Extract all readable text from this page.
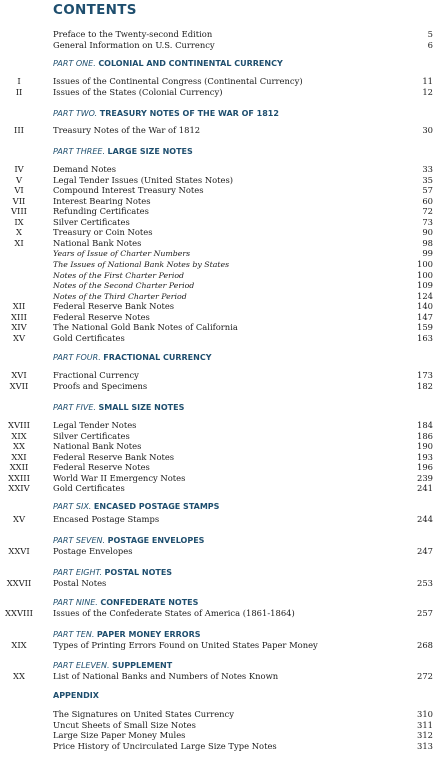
CONTENTS
Preface to the Twenty-second Edition	5
General Information on U.S. Currency	6
PART ONE. COLONIAL AND CONTINENTAL CURRENCY
I	Issues of the Continental Congress (Continental Currency)	11
II	Issues of the States (Colonial Currency)	12
PART TWO. TREASURY NOTES OF THE WAR OF 1812
III	Treasury Notes of the War of 1812	30
PART THREE. LARGE SIZE NOTES
IV	Demand Notes	33
V	Legal Tender Issues (United States Notes)	35
VI	Compound Interest Treasury Notes	57
VII	Interest Bearing Notes	60
VIII	Refunding Certificates	72
IX	Silver Certificates	73
X	Treasury or Coin Notes	90
XI	National Bank Notes	98
Years of Issue of Charter Numbers	99
The Issues of National Bank Notes by States	100
Notes of the First Charter Period	100
Notes of the Second Charter Period	109
Notes of the Third Charter Period	124
XII	Federal Reserve Bank Notes	140
XIII	Federal Reserve Notes	147
XIV	The National Gold Bank Notes of California	159
XV	Gold Certificates	163
PART FOUR. FRACTIONAL CURRENCY
XVI	Fractional Currency	173
XVII	Proofs and Specimens	182
PART FIVE. SMALL SIZE NOTES
XVIII	Legal Tender Notes	184
XIX	Silver Certificates	186
XX	National Bank Notes	190
XXI	Federal Reserve Bank Notes	193
XXII	Federal Reserve Notes	196
XXIII	World War II Emergency Notes	239
XXIV	Gold Certificates	241
PART SIX. ENCASED POSTAGE STAMPS
XV	Encased Postage Stamps	244
PART SEVEN. POSTAGE ENVELOPES
XXVI	Postage Envelopes	247
PART EIGHT. POSTAL NOTES
XXVII	Postal Notes	253
PART NINE. CONFEDERATE NOTES
XXVIII	Issues of the Confederate States of America (1861-1864)	257
PART TEN. PAPER MONEY ERRORS
XIX	Types of Printing Errors Found on United States Paper Money	268
PART ELEVEN. SUPPLEMENT
XX	List of National Banks and Numbers of Notes Known	272
APPENDIX
The Signatures on United States Currency	310
Uncut Sheets of Small Size Notes	311
Large Size Paper Money Mules	312
Price History of Uncirculated Large Size Type Notes	313
